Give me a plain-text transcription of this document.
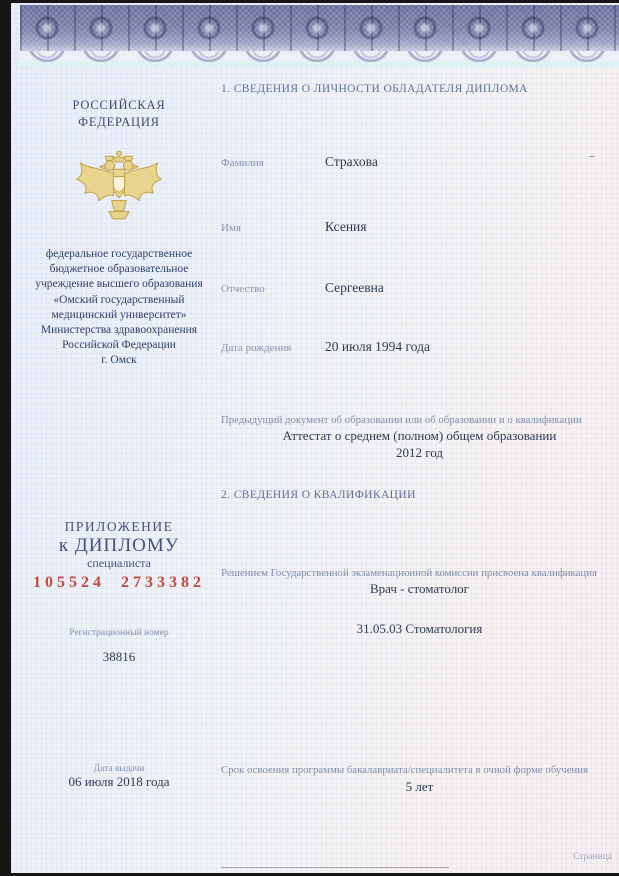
РОССИЙСКАЯ
ФЕДЕРАЦИЯ
федеральное государственное
бюджетное образовательное
учреждение высшего образования
«Омский государственный
медицинский университет»
Министерства здравоохранения
Российской Федерации
г. Омск
ПРИЛОЖЕНИЕ
к ДИПЛОМУ
специалиста
105524  2733382
Регистрационный номер
38816
Дата выдачи
06 июля 2018 года
1. СВЕДЕНИЯ О ЛИЧНОСТИ ОБЛАДАТЕЛЯ ДИПЛОМА
–
Фамилия	Страхова
Имя	Ксения
Отчество	Сергеевна
Дата рождения 20 июля 1994 года
Предыдущий документ об образовании или об образовании и о квалификации
Аттестат о среднем (полном) общем образовании
2012 год
2. СВЕДЕНИЯ О КВАЛИФИКАЦИИ
Решением Государственной экзаменационной комиссии присвоена квалификация
Врач - стоматолог
31.05.03 Стоматология
Срок освоения программы бакалавриата/специалитета в очной форме обучения
5 лет
Страница
